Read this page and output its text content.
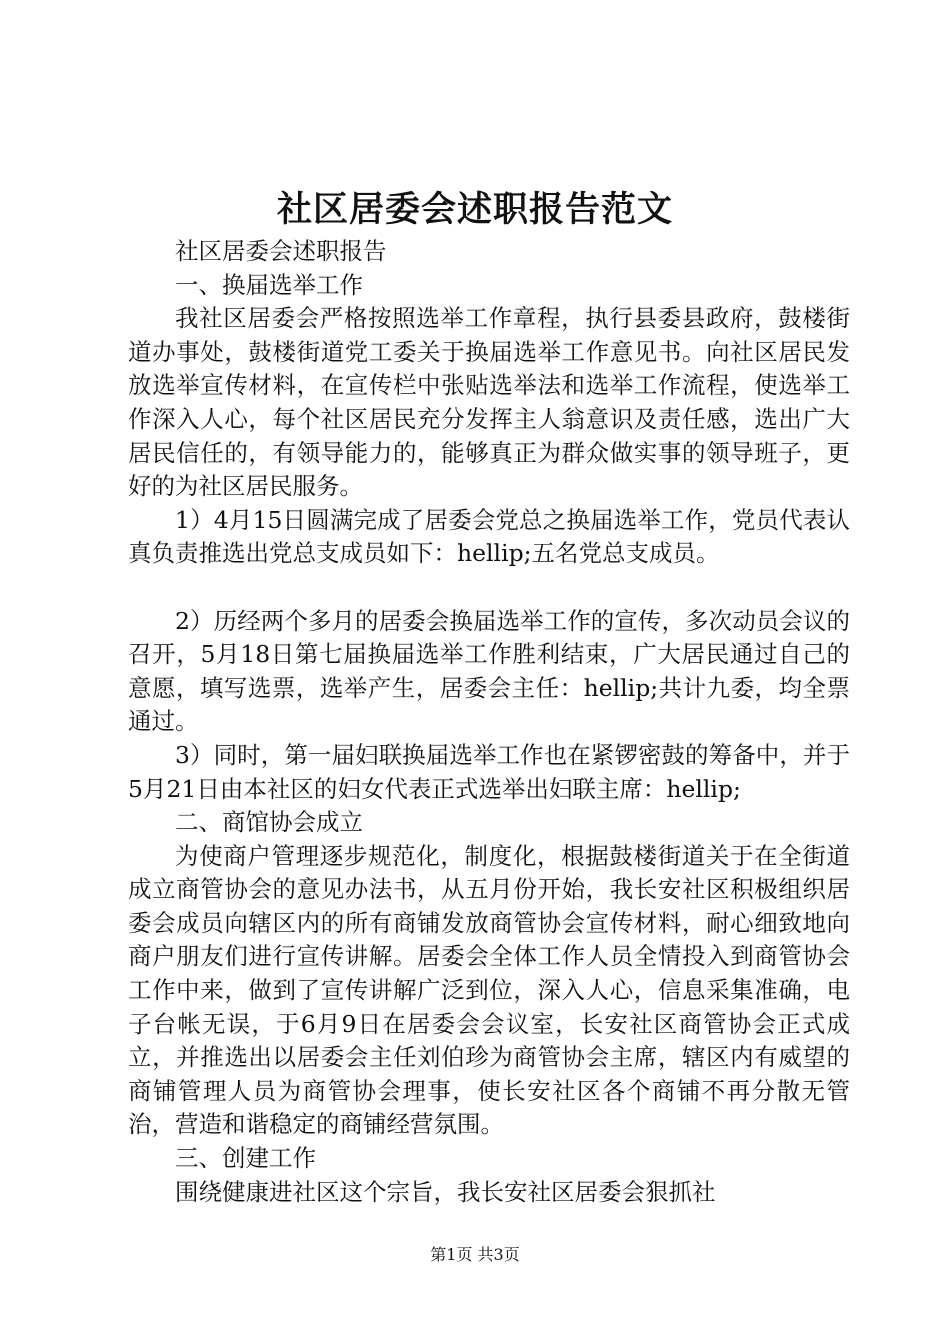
社区居委会述职报告范文

社区居委会述职报告

一、换届选举工作

我社区居委会严格按照选举工作章程，执行县委县政府，鼓楼街道办事处，鼓楼街道党工委关于换届选举工作意见书。向社区居民发放选举宣传材料，在宣传栏中张贴选举法和选举工作流程，使选举工作深入人心，每个社区居民充分发挥主人翁意识及责任感，选出广大居民信任的，有领导能力的，能够真正为群众做实事的领导班子，更好的为社区居民服务。

1）4月15日圆满完成了居委会党总之换届选举工作，党员代表认真负责推选出党总支成员如下：hellip;五名党总支成员。

2）历经两个多月的居委会换届选举工作的宣传，多次动员会议的召开，5月18日第七届换届选举工作胜利结束，广大居民通过自己的意愿，填写选票，选举产生，居委会主任：hellip;共计九委，均全票通过。

3）同时，第一届妇联换届选举工作也在紧锣密鼓的筹备中，并于5月21日由本社区的妇女代表正式选举出妇联主席：hellip;

二、商馆协会成立

为使商户管理逐步规范化，制度化，根据鼓楼街道关于在全街道成立商管协会的意见办法书，从五月份开始，我长安社区积极组织居委会成员向辖区内的所有商铺发放商管协会宣传材料，耐心细致地向商户朋友们进行宣传讲解。居委会全体工作人员全情投入到商管协会工作中来，做到了宣传讲解广泛到位，深入人心，信息采集准确，电子台帐无误，于6月9日在居委会会议室，长安社区商管协会正式成立，并推选出以居委会主任刘伯珍为商管协会主席，辖区内有威望的商铺管理人员为商管协会理事，使长安社区各个商铺不再分散无管治，营造和谐稳定的商铺经营氛围。

三、创建工作

围绕健康进社区这个宗旨，我长安社区居委会狠抓社

第1页 共3页
